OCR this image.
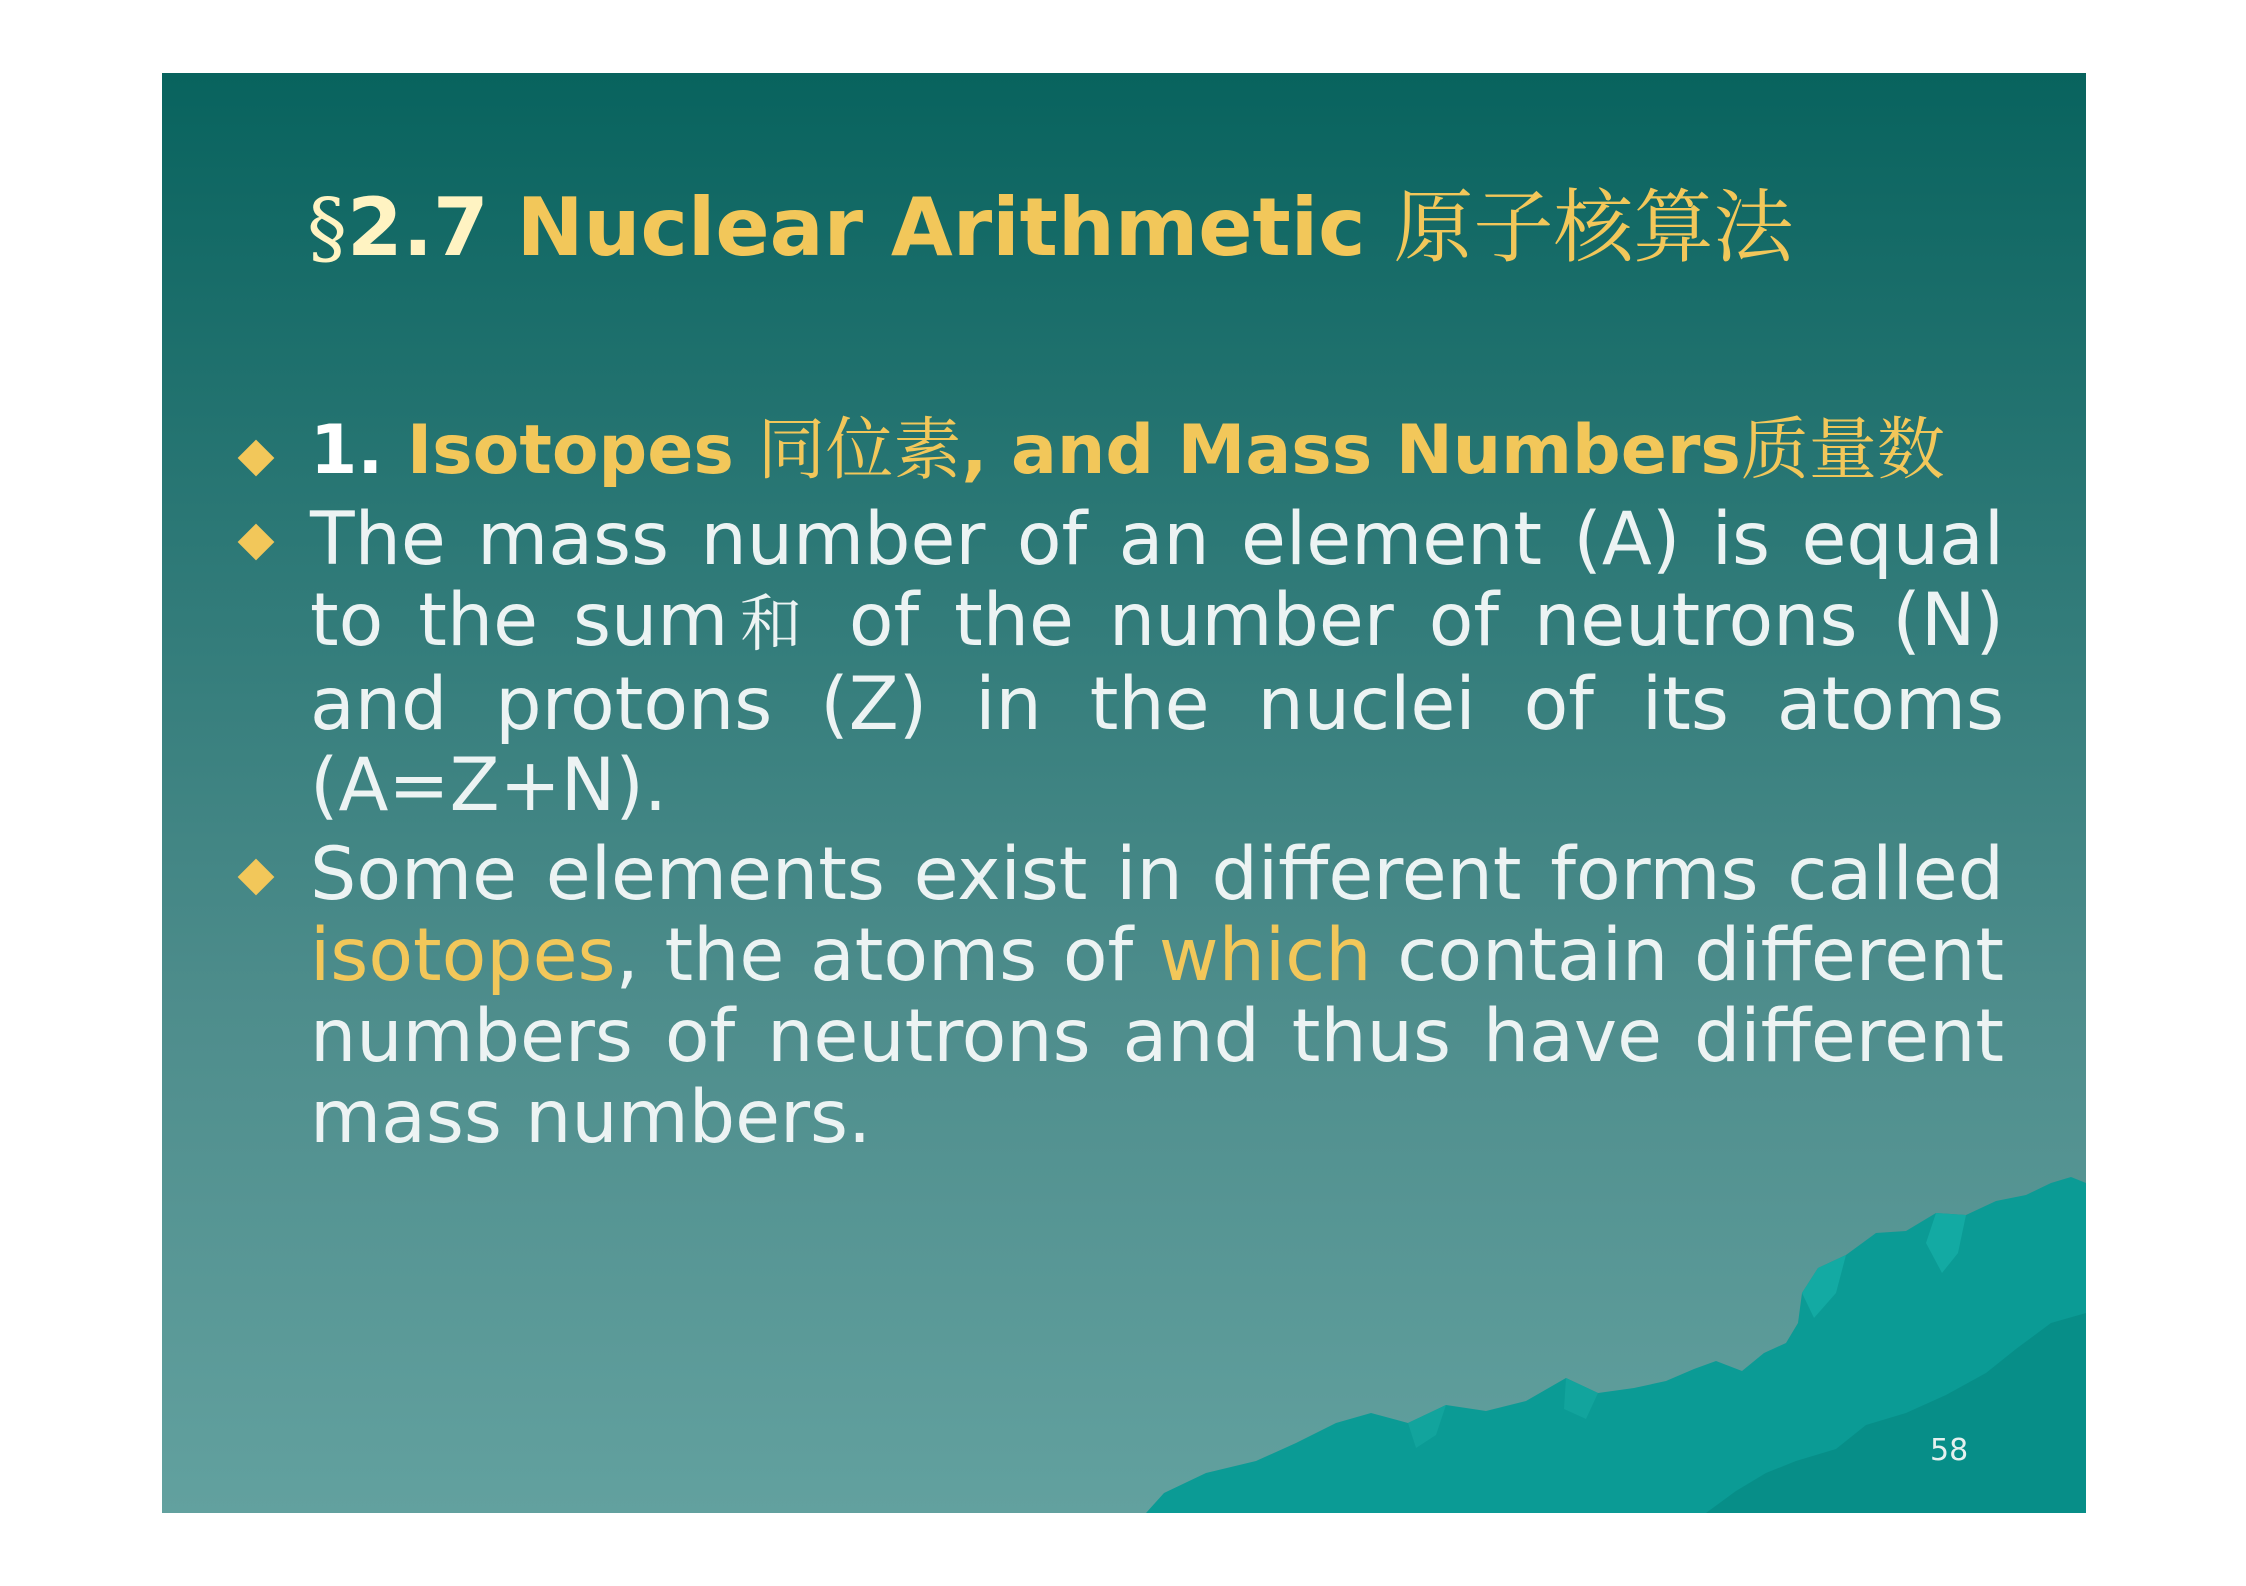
§2.7 Nuclear Arithmetic 原子核算法
1. Isotopes 同位素, and Mass Numbers质量数
The mass number of an element (A) is equal to the sum和 of the number of neutrons (N) and protons (Z) in the nuclei of its atoms (A=Z+N).
Some elements exist in different forms called isotopes, the atoms of which contain different numbers of neutrons and thus have different mass numbers.
58
